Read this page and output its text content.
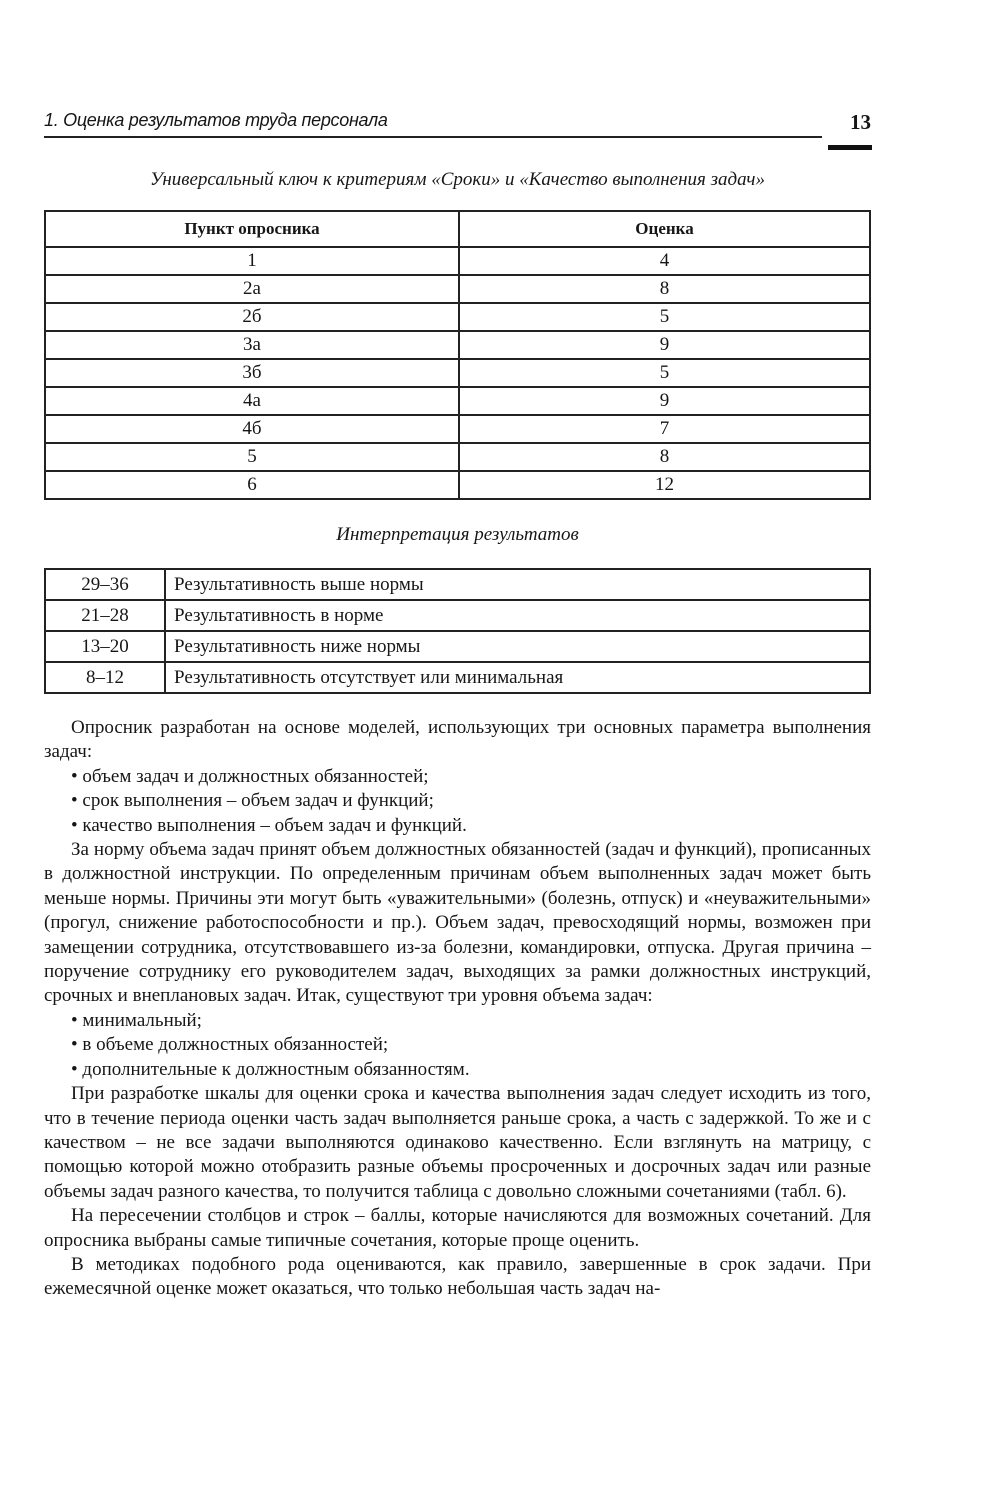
1. Оценка результатов труда персонала	13
Универсальный ключ к критериям «Сроки» и «Качество выполнения задач»
Пункт опросника	Оценка
1	4
2а	8
2б	5
3а	9
3б	5
4а	9
4б	7
5	8
6	12
Интерпретация результатов
29–36	Результативность выше нормы
21–28	Результативность в норме
13–20	Результативность ниже нормы
8–12	Результативность отсутствует или минимальная

Опросник разработан на основе моделей, использующих три основных параметра выполнения задач:

• объем задач и должностных обязанностей;

• срок выполнения – объем задач и функций;

• качество выполнения – объем задач и функций.

За норму объема задач принят объем должностных обязанностей (задач и функций), прописанных в должностной инструкции. По определенным причинам объем выполненных задач может быть меньше нормы. Причины эти могут быть «уважительными» (болезнь, отпуск) и «неуважительными» (прогул, снижение работоспособности и пр.). Объем задач, превосходящий нормы, возможен при замещении сотрудника, отсутствовавшего из-за болезни, командировки, отпуска. Другая причина – поручение сотруднику его руководителем задач, выходящих за рамки должностных инструкций, срочных и внеплановых задач. Итак, существуют три уровня объема задач:

• минимальный;

• в объеме должностных обязанностей;

• дополнительные к должностным обязанностям.

При разработке шкалы для оценки срока и качества выполнения задач следует исходить из того, что в течение периода оценки часть задач выполняется раньше срока, а часть с задержкой. То же и с качеством – не все задачи выполняются одинаково качественно. Если взглянуть на матрицу, с помощью которой можно отобразить разные объемы просроченных и досрочных задач или разные объемы задач разного качества, то получится таблица с довольно сложными сочетаниями (табл. 6).

На пересечении столбцов и строк – баллы, которые начисляются для возможных сочетаний. Для опросника выбраны самые типичные сочетания, которые проще оценить.

В методиках подобного рода оцениваются, как правило, завершенные в срок задачи. При ежемесячной оценке может оказаться, что только небольшая часть задач на-
